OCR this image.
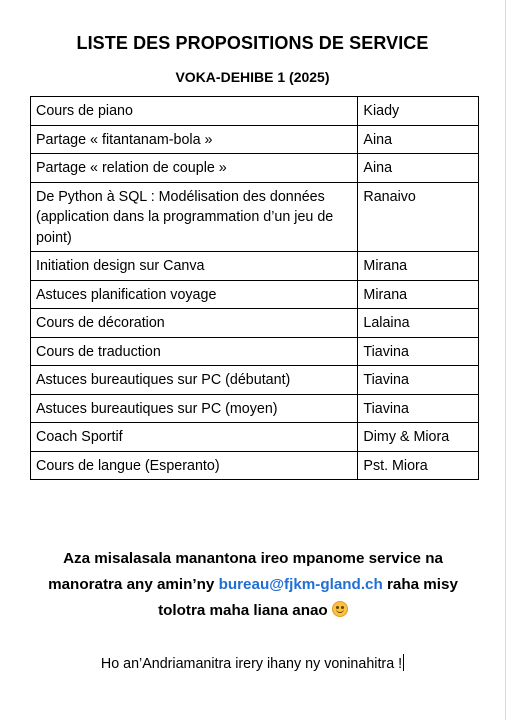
LISTE DES PROPOSITIONS DE SERVICE
VOKA-DEHIBE 1 (2025)
Cours de piano	Kiady
Partage « fitantanam-bola »	Aina
Partage « relation de couple »	Aina
De Python à SQL : Modélisation des données (application dans la programmation d’un jeu de point)	Ranaivo
Initiation design sur Canva	Mirana
Astuces planification voyage	Mirana
Cours de décoration	Lalaina
Cours de traduction	Tiavina
Astuces bureautiques sur PC (débutant)	Tiavina
Astuces bureautiques sur PC (moyen)	Tiavina
Coach Sportif	Dimy & Miora
Cours de langue (Esperanto)	Pst. Miora
Aza misalasala manantona ireo mpanome service na
manoratra any amin’ny bureau@fjkm-gland.ch raha misy
tolotra maha liana anao
Ho an’Andriamanitra irery ihany ny voninahitra !
